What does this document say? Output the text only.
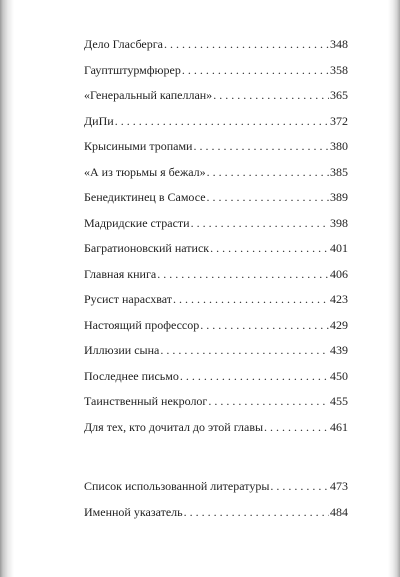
Дело Гласберга . . .	348
Гауптштурмфюрер . . .	358
«Генеральный капеллан» . . .	365
ДиПи . . .	372
Крысиными тропами . . .	380
«А из тюрьмы я бежал» . . .	385
Бенедиктинец в Самосе . . .	389
Мадридские страсти . . .	398
Багратионовский натиск . . .	401
Главная книга . . .	406
Русист нарасхват . . .	423
Настоящий профессор . . .	429
Иллюзии сына . . .	439
Последнее письмо . . .	450
Таинственный некролог . . .	455
Для тех, кто дочитал до этой главы . . .	461
Список использованной литературы . . .	473
Именной указатель . . .	484
